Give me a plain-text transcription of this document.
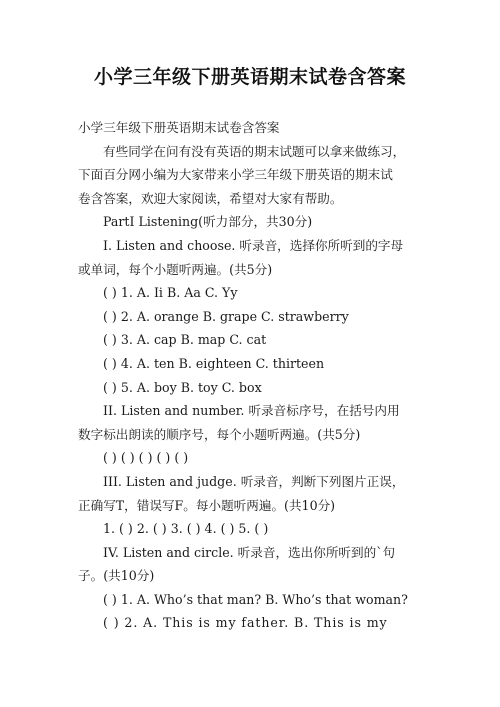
小学三年级下册英语期末试卷含答案
小学三年级下册英语期末试卷含答案
有些同学在问有没有英语的期末试题可以拿来做练习，
下面百分网小编为大家带来小学三年级下册英语的期末试
卷含答案，欢迎大家阅读，希望对大家有帮助。
PartⅠ Listening(听力部分，共30分)
I. Listen and choose. 听录音，选择你所听到的字母
或单词，每个小题听两遍。(共5分)
( ) 1. A. Ii B. Aa C. Yy
( ) 2. A. orange B. grape C. strawberry
( ) 3. A. cap B. map C. cat
( ) 4. A. ten B. eighteen C. thirteen
( ) 5. A. boy B. toy C. box
II. Listen and number. 听录音标序号，在括号内用
数字标出朗读的顺序号，每个小题听两遍。(共5分)
( ) ( ) ( ) ( ) ( )
III. Listen and judge. 听录音，判断下列图片正误，
正确写T，错误写F。每小题听两遍。(共10分)
1. ( ) 2. ( ) 3. ( ) 4. ( ) 5. ( )
IV. Listen and circle. 听录音，选出你所听到的`句
子。(共10分)
( ) 1. A. Who’s that man? B. Who’s that woman?
( ) 2. A. This is my father. B. This is my
